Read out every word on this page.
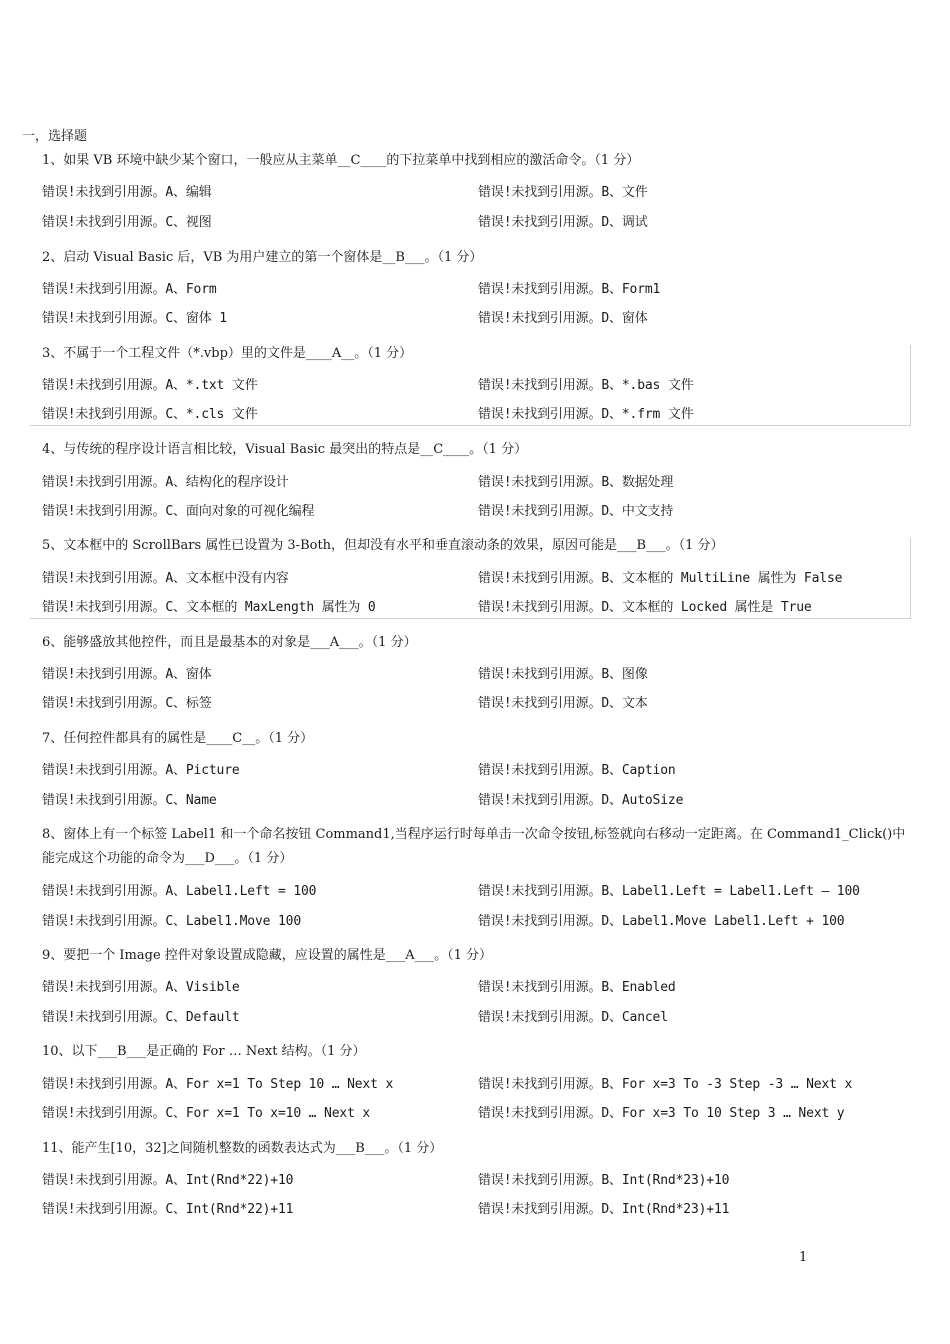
一，选择题
1、如果 VB 环境中缺少某个窗口，一般应从主菜单__C____的下拉菜单中找到相应的激活命令。（1 分）
错误!未找到引用源。A、编辑	错误!未找到引用源。B、文件
错误!未找到引用源。C、视图	错误!未找到引用源。D、调试
2、启动 Visual Basic 后，VB 为用户建立的第一个窗体是__B___。（1 分）
错误!未找到引用源。A、Form	错误!未找到引用源。B、Form1
错误!未找到引用源。C、窗体 1	错误!未找到引用源。D、窗体
3、不属于一个工程文件（*.vbp）里的文件是____A__。（1 分）
错误!未找到引用源。A、*.txt 文件	错误!未找到引用源。B、*.bas 文件
错误!未找到引用源。C、*.cls 文件	错误!未找到引用源。D、*.frm 文件
4、与传统的程序设计语言相比较，Visual Basic 最突出的特点是__C____。（1 分）
错误!未找到引用源。A、结构化的程序设计	错误!未找到引用源。B、数据处理
错误!未找到引用源。C、面向对象的可视化编程	错误!未找到引用源。D、中文支持
5、文本框中的 ScrollBars 属性已设置为 3-Both，但却没有水平和垂直滚动条的效果，原因可能是___B___。（1 分）
错误!未找到引用源。A、文本框中没有内容	错误!未找到引用源。B、文本框的 MultiLine 属性为 False
错误!未找到引用源。C、文本框的 MaxLength 属性为 0	错误!未找到引用源。D、文本框的 Locked 属性是 True
6、能够盛放其他控件，而且是最基本的对象是___A___。（1 分）
错误!未找到引用源。A、窗体	错误!未找到引用源。B、图像
错误!未找到引用源。C、标签	错误!未找到引用源。D、文本
7、任何控件都具有的属性是____C__。（1 分）
错误!未找到引用源。A、Picture	错误!未找到引用源。B、Caption
错误!未找到引用源。C、Name	错误!未找到引用源。D、AutoSize
8、窗体上有一个标签 Label1 和一个命名按钮 Command1,当程序运行时每单击一次命令按钮,标签就向右移动一定距离。在 Command1_Click()中能完成这个功能的命令为___D___。（1 分）
错误!未找到引用源。A、Label1.Left = 100	错误!未找到引用源。B、Label1.Left = Label1.Left – 100
错误!未找到引用源。C、Label1.Move 100	错误!未找到引用源。D、Label1.Move Label1.Left + 100
9、要把一个 Image 控件对象设置成隐藏，应设置的属性是___A___。（1 分）
错误!未找到引用源。A、Visible	错误!未找到引用源。B、Enabled
错误!未找到引用源。C、Default	错误!未找到引用源。D、Cancel
10、以下___B___是正确的 For … Next 结构。（1 分）
错误!未找到引用源。A、For x=1 To Step 10 … Next x	错误!未找到引用源。B、For x=3 To -3 Step -3 … Next x
错误!未找到引用源。C、For x=1 To x=10 … Next x	错误!未找到引用源。D、For x=3 To 10 Step 3 … Next y
11、能产生[10，32]之间随机整数的函数表达式为___B___。（1 分）
错误!未找到引用源。A、Int(Rnd*22)+10	错误!未找到引用源。B、Int(Rnd*23)+10
错误!未找到引用源。C、Int(Rnd*22)+11	错误!未找到引用源。D、Int(Rnd*23)+11
1
